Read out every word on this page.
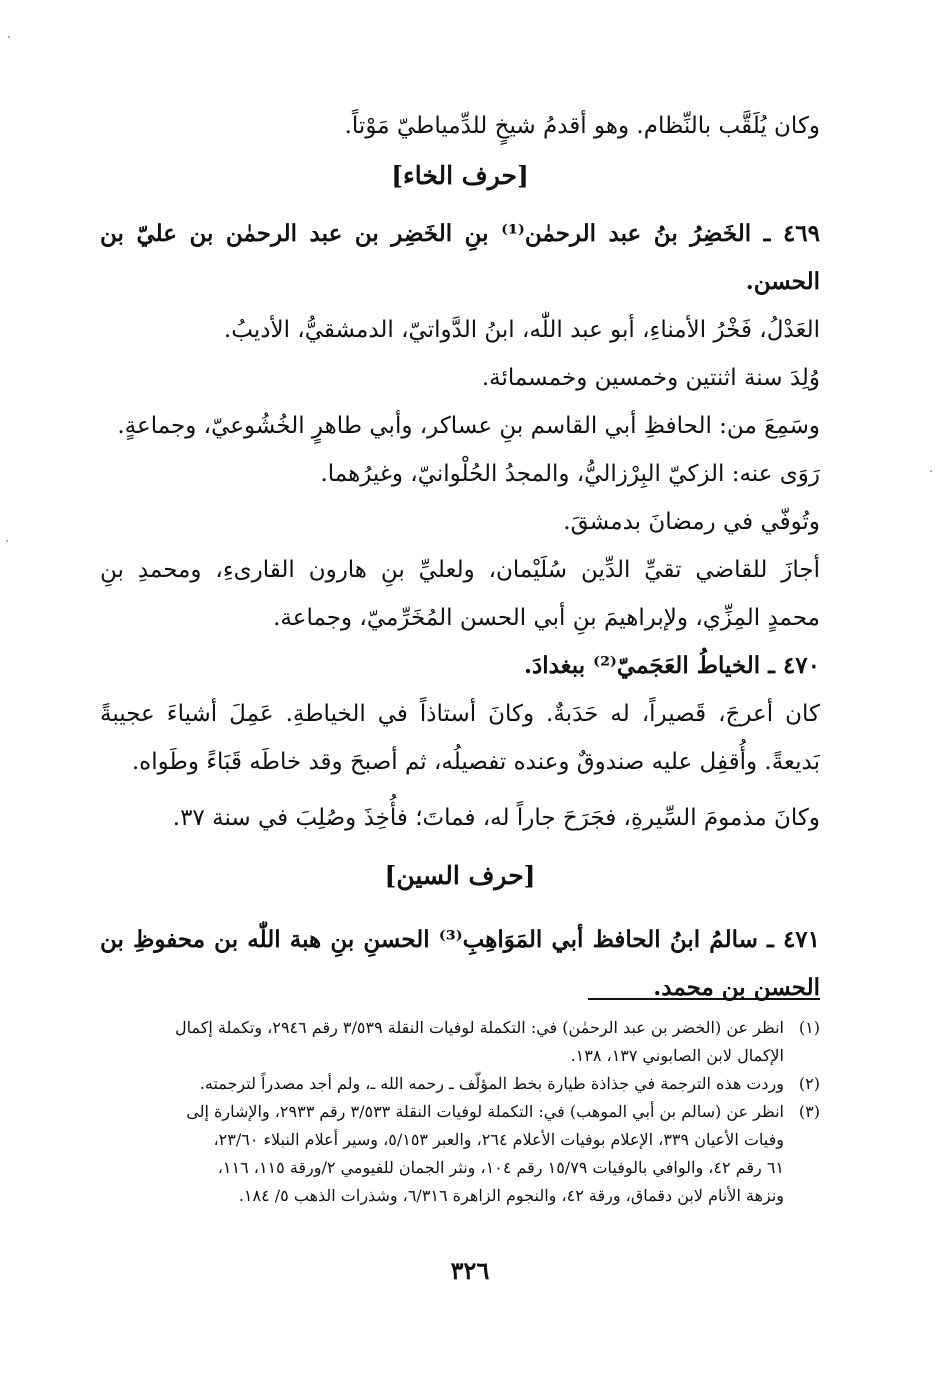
وكان يُلَقَّب بالنِّظام. وهو أقدمُ شيخٍ للدِّمياطيّ مَوْتاً.
[حرف الخاء]
٤٦٩ ـ الخَضِرُ بنُ عبد الرحمٰن⁽¹⁾ بنِ الخَضِر بن عبد الرحمٰن بن عليّ بن
الحسن.
العَدْلُ، فَخْرُ الأمناءِ، أبو عبد اللّٰه، ابنُ الدَّواتيّ، الدمشقيُّ، الأديبُ.
وُلِدَ سنة اثنتين وخمسين وخمسمائة.
وسَمِعَ من: الحافظِ أبي القاسم بنِ عساكر، وأبي طاهرٍ الخُشُوعيّ، وجماعةٍ.
رَوَى عنه: الزكيّ البِرْزاليُّ، والمجدُ الحُلْوانيّ، وغيرُهما.
وتُوفّي في رمضانَ بدمشقَ.
أجازَ للقاضي تقيِّ الدِّين سُلَيْمان، ولعليِّ بنِ هارون القارىءِ، ومحمدِ بنِ
محمدٍ المِزِّي، ولإبراهيمَ بنِ أبي الحسن المُخَرِّميّ، وجماعة.
٤٧٠ ـ الخياطُ العَجَميّ⁽²⁾ ببغدادَ.
كان أعرجَ، قَصيراً، له حَدَبةٌ. وكانَ أستاذاً في الخياطةِ. عَمِلَ أشياءَ عجيبةً
بَديعةً. وأُقفِل عليه صندوقٌ وعنده تفصيلُه، ثم أصبحَ وقد خاطَه قَبَاءً وطَواه.
وكانَ مذمومَ السِّيرةِ، فجَرَحَ جاراً له، فماتَ؛ فأُخِذَ وصُلِبَ في سنة ٣٧.
[حرف السين]
٤٧١ ـ سالمُ ابنُ الحافظ أبي المَوَاهِبِ⁽³⁾ الحسنِ بنِ هبة اللّٰه بن محفوظِ بن
الحسن بن محمد.
(١)
انظر عن (الخضر بن عبد الرحمٰن) في: التكملة لوفيات النقلة ٣/٥٣٩ رقم ٢٩٤٦، وتكملة إكمال
الإكمال لابن الصابوني ١٣٧، ١٣٨.
(٢)
وردت هذه الترجمة في جذاذة طيارة بخط المؤلّف ـ رحمه الله ـ، ولم أجد مصدراً لترجمته.
(٣)
انظر عن (سالم بن أبي الموهب) في: التكملة لوفيات النقلة ٣/٥٣٣ رقم ٢٩٣٣، والإشارة إلى
وفيات الأعيان ٣٣٩، الإعلام بوفيات الأعلام ٢٦٤، والعبر ٥/١٥٣، وسير أعلام النبلاء ٢٣/٦٠،
٦١ رقم ٤٢، والوافي بالوفيات ١٥/٧٩ رقم ١٠٤، ونثر الجمان للفيومي ٢/ورقة ١١٥، ١١٦،
ونزهة الأنام لابن دقماق، ورقة ٤٢، والنجوم الزاهرة ٦/٣١٦، وشذرات الذهب ٥/ ١٨٤.
٣٢٦
